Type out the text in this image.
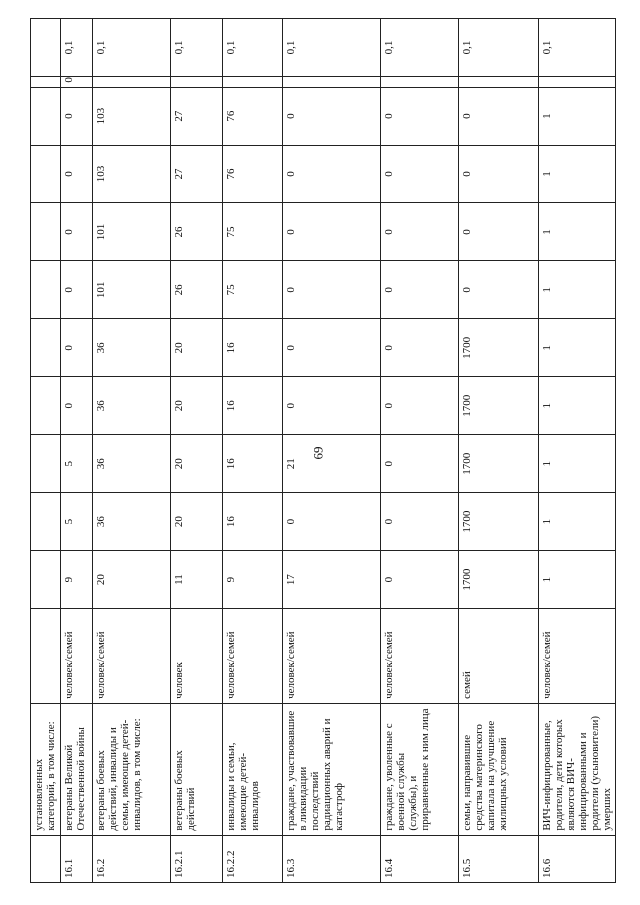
	установленных категорий, в том числе:												
16.1	ветераны Великой Отечественной войны	человек/семей	9	5	5	0	0	0	0	0	0	0	0,1
16.2	ветераны боевых действий, инвалиды и семьи, имеющие детей-инвалидов, в том числе:	человек/семей	20	36	36	36	36	101	101	103	103		0,1
16.2.1	ветераны боевых действий	человек	11	20	20	20	20	26	26	27	27		0,1
16.2.2	инвалиды и семьи, имеющие детей-инвалидов	человек/семей	9	16	16	16	16	75	75	76	76		0,1
16.3	граждане, участвовавшие в ликвидации последствий радиационных аварий и катастроф	человек/семей	17	0	21	0	0	0	0	0	0		0,1
16.4	граждане, уволенные с военной службы (службы), и приравненные к ним лица	человек/семей	0	0	0	0	0	0	0	0	0		0,1
16.5	семьи, направившие средства материнского капитала на улучшение жилищных условий	семей	1700	1700	1700	1700	1700	0	0	0	0		0,1
16.6	ВИЧ-инфицированные, родители, дети которых являются ВИЧ-инфицированными и родители (усыновители) умерших	человек/семей	1	1	1	1	1	1	1	1	1		0,1
69
